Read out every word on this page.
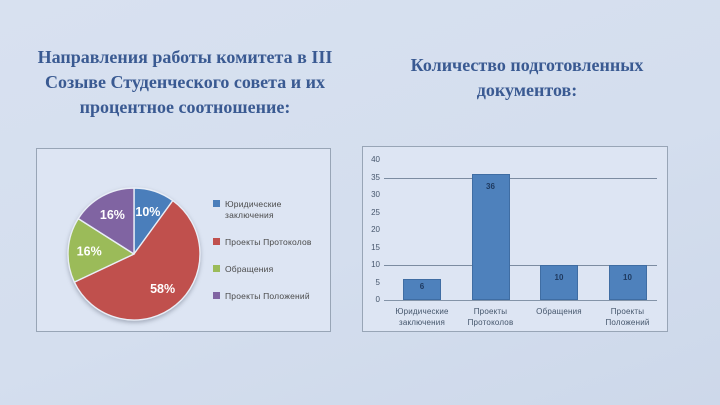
Направления работы комитета в III Созыве Студенческого совета и их процентное соотношение:
Количество подготовленных документов:
10%
58%
16%
16%
Юридические заключения
Проекты Протоколов
Обращения
Проекты Положений	0
5
10
15
20
25
30
35
40
6
Юридические
заключения
36
Проекты
Протоколов
10
Обращения
10
Проекты
Положений
